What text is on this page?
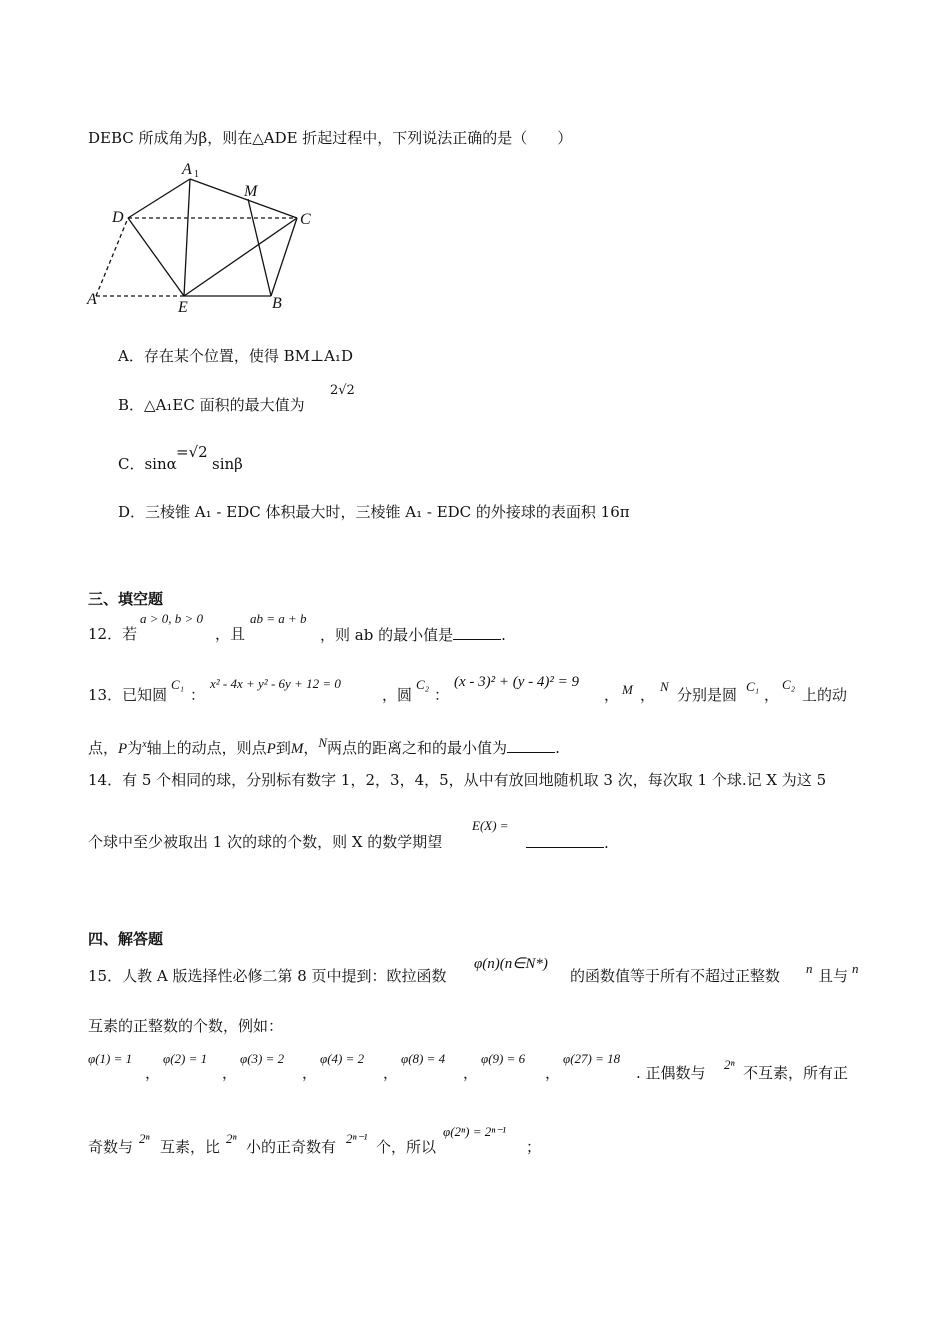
DEBC 所成角为β，则在△ADE 折起过程中，下列说法正确的是（　　）
A 1
M
D	C
A	E	B
A．存在某个位置，使得 BM⊥A₁D
B．△A₁EC 面积的最大值为
2√2
C．sinα
=√2
sinβ
D．三棱锥 A₁ - EDC 体积最大时，三棱锥 A₁ - EDC 的外接球的表面积 16π
三、填空题
12．若
a > 0, b > 0
，且
ab = a + b
，则 ab 的最小值是	.
13．已知圆
C₁
：
x² - 4x + y² - 6y + 12 = 0
，圆
C₂
：
(x - 3)² + (y - 4)² = 9
， M ， N 分别是圆 C₁ ，
C₂
上的动
点，P为$^x$轴上的动点，则点P到M，$^N$两点的距离之和的最小值为	.
14．有 5 个相同的球，分别标有数字 1，2，3，4，5，从中有放回地随机取 3 次，每次取 1 个球.记 X 为这 5
E(X) =
个球中至少被取出 1 次的球的个数，则 X 的数学期望	.
四、解答题
15．人教 A 版选择性必修二第 8 页中提到：欧拉函数
φ(n)(n∈N*)
的函数值等于所有不超过正整数 n 且与 n
互素的正整数的个数，例如：
φ(1) = 1
，
φ(2) = 1
，
φ(3) = 2
，
φ(4) = 2
，
φ(8) = 4
，
φ(9) = 6
，
φ(27) = 18
. 正偶数与 2ⁿ 不互素，所有正
奇数与 2ⁿ 互素，比 2ⁿ 小的正奇数有 2ⁿ⁻¹ 个，所以
φ(2ⁿ) = 2ⁿ⁻¹
；
